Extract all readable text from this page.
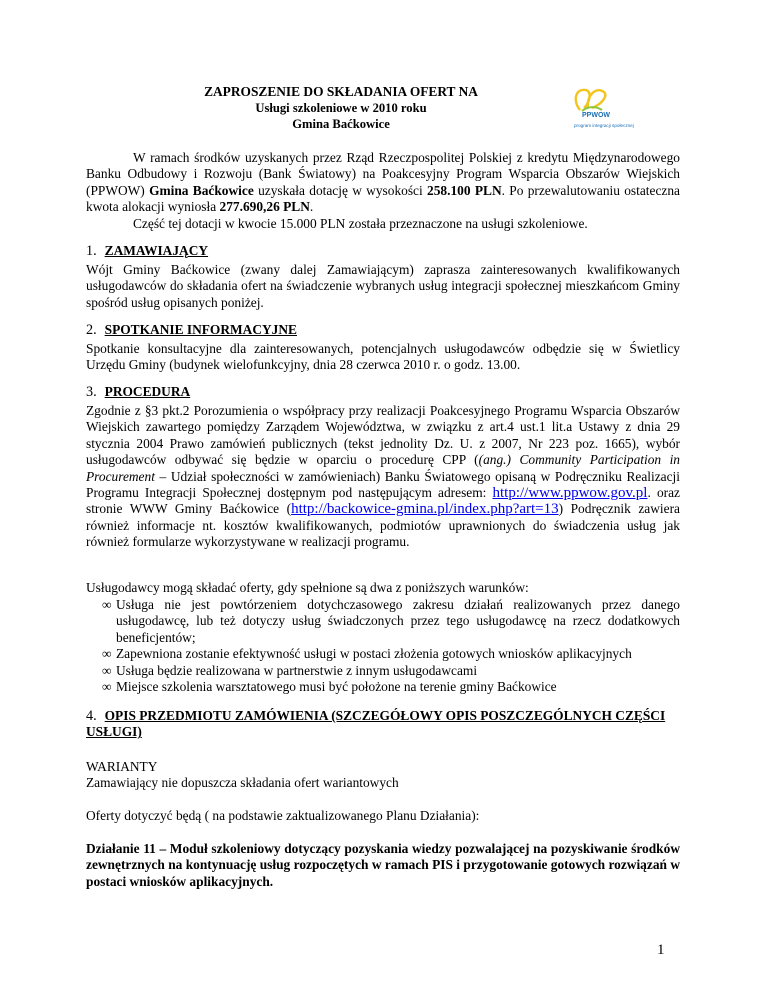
ZAPROSZENIE DO SKŁADANIA OFERT NA
Usługi szkoleniowe w 2010 roku
Gmina Baćkowice
W ramach środków uzyskanych przez Rząd Rzeczpospolitej Polskiej z kredytu Międzynarodowego Banku Odbudowy i Rozwoju (Bank Światowy) na Poakcesyjny Program Wsparcia Obszarów Wiejskich (PPWOW) Gmina Baćkowice uzyskała dotację w wysokości 258.100 PLN. Po przewalutowaniu ostateczna kwota alokacji wyniosła 277.690,26 PLN.
Część tej dotacji w kwocie 15.000 PLN została przeznaczone na usługi szkoleniowe.
1. ZAMAWIAJĄCY
Wójt Gminy Baćkowice (zwany dalej Zamawiającym) zaprasza zainteresowanych kwalifikowanych usługodawców do składania ofert na świadczenie wybranych usług integracji społecznej mieszkańcom Gminy spośród usług opisanych poniżej.
2. SPOTKANIE INFORMACYJNE
Spotkanie konsultacyjne dla zainteresowanych, potencjalnych usługodawców odbędzie się w Świetlicy Urzędu Gminy (budynek wielofunkcyjny, dnia 28 czerwca 2010 r. o godz. 13.00.
3. PROCEDURA
Zgodnie z §3 pkt.2 Porozumienia o współpracy przy realizacji Poakcesyjnego Programu Wsparcia Obszarów Wiejskich zawartego pomiędzy Zarządem Województwa, w związku z art.4 ust.1 lit.a Ustawy z dnia 29 stycznia 2004 Prawo zamówień publicznych (tekst jednolity Dz. U. z 2007, Nr 223 poz. 1665), wybór usługodawców odbywać się będzie w oparciu o procedurę CPP ((ang.) Community Participation in Procurement – Udział społeczności w zamówieniach) Banku Światowego opisaną w Podręczniku Realizacji Programu Integracji Społecznej dostępnym pod następującym adresem: http://www.ppwow.gov.pl. oraz stronie WWW Gminy Baćkowice (http://backowice-gmina.pl/index.php?art=13) Podręcznik zawiera również informacje nt. kosztów kwalifikowanych, podmiotów uprawnionych do świadczenia usług jak również formularze wykorzystywane w realizacji programu.
Usługodawcy mogą składać oferty, gdy spełnione są dwa z poniższych warunków:
∞ Usługa nie jest powtórzeniem dotychczasowego zakresu działań realizowanych przez danego usługodawcę, lub też dotyczy usług świadczonych przez tego usługodawcę na rzecz dodatkowych beneficjentów;
∞ Zapewniona zostanie efektywność usługi w postaci złożenia gotowych wniosków aplikacyjnych
∞ Usługa będzie realizowana w partnerstwie z innym usługodawcami
∞ Miejsce szkolenia warsztatowego musi być położone na terenie gminy Baćkowice
4. OPIS PRZEDMIOTU ZAMÓWIENIA (SZCZEGÓŁOWY OPIS POSZCZEGÓLNYCH CZĘŚCI USŁUGI)
WARIANTY
Zamawiający nie dopuszcza składania ofert wariantowych
Oferty dotyczyć będą ( na podstawie zaktualizowanego Planu Działania):
Działanie 11 – Moduł szkoleniowy dotyczący pozyskania wiedzy pozwalającej na pozyskiwanie środków zewnętrznych na kontynuację usług rozpoczętych w ramach PIS i przygotowanie gotowych rozwiązań w postaci wniosków aplikacyjnych.
PPWOW
program integracji społecznej
1
